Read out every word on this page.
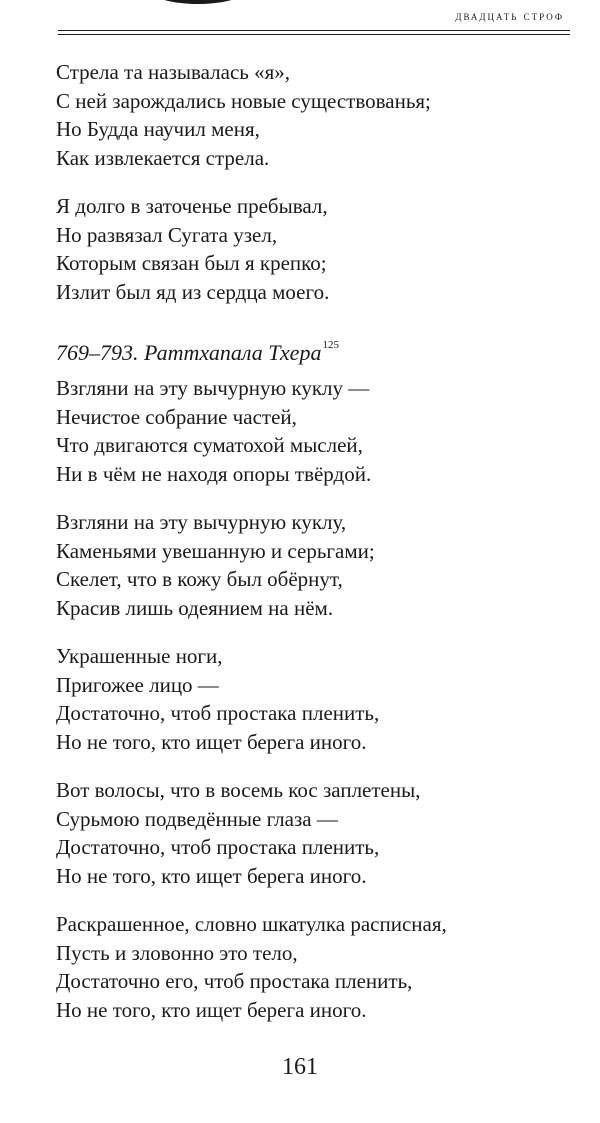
двадцать строф
Стрела та называлась «я»,
С ней зарождались новые существованья;
Но Будда научил меня,
Как извлекается стрела.
Я долго в заточенье пребывал,
Но развязал Сугата узел,
Которым связан был я крепко;
Излит был яд из сердца моего.
769–793. Раттхапала Тхера$^{125}$
Взгляни на эту вычурную куклу —
Нечистое собрание частей,
Что двигаются суматохой мыслей,
Ни в чём не находя опоры твёрдой.
Взгляни на эту вычурную куклу,
Каменьями увешанную и серьгами;
Скелет, что в кожу был обёрнут,
Красив лишь одеянием на нём.
Украшенные ноги,
Пригожее лицо —
Достаточно, чтоб простака пленить,
Но не того, кто ищет берега иного.
Вот волосы, что в восемь кос заплетены,
Сурьмою подведённые глаза —
Достаточно, чтоб простака пленить,
Но не того, кто ищет берега иного.
Раскрашенное, словно шкатулка расписная,
Пусть и зловонно это тело,
Достаточно его, чтоб простака пленить,
Но не того, кто ищет берега иного.
161
